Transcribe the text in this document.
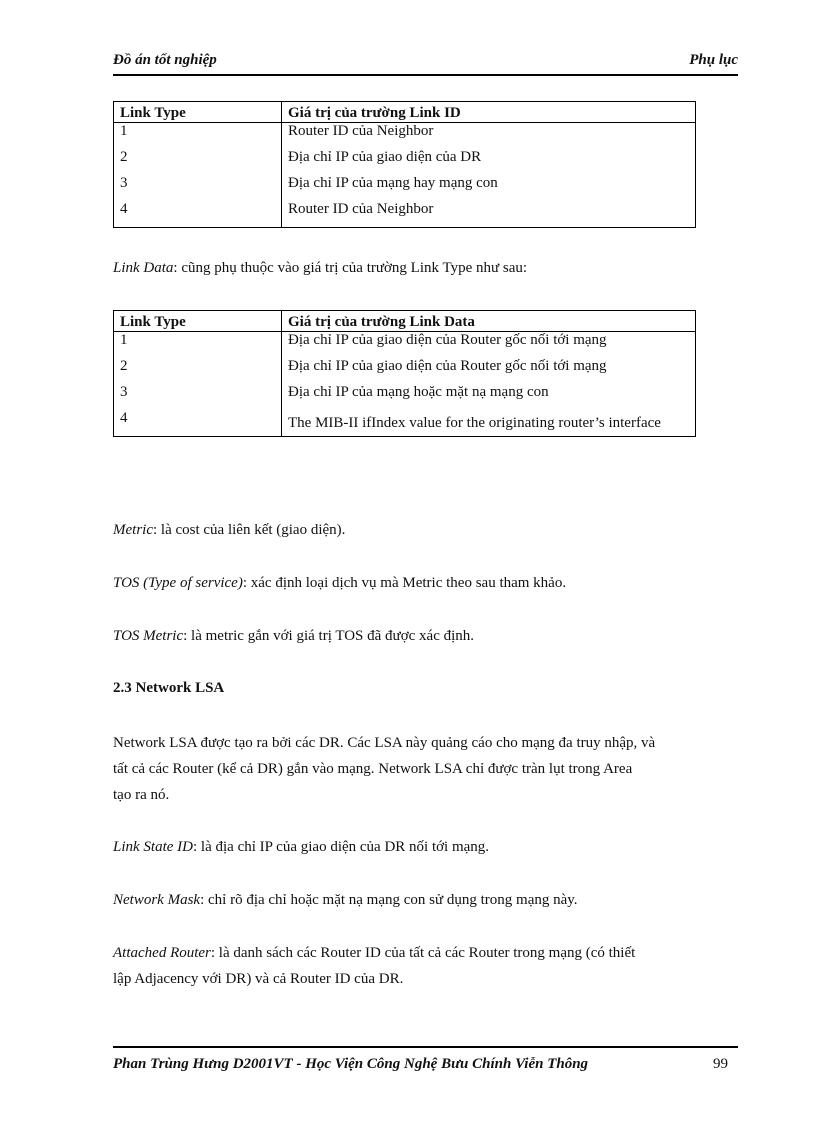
Đồ án tốt nghiệp	Phụ lục
Link Type	Giá trị của trường Link ID
1	Router ID của Neighbor
2	Địa chỉ IP của giao diện của DR
3	Địa chỉ IP của mạng hay mạng con
4	Router ID của Neighbor
Link Data: cũng phụ thuộc vào giá trị của trường Link Type như sau:
Link Type	Giá trị của trường Link Data
1	Địa chỉ IP của giao diện của Router gốc nối tới mạng
2	Địa chỉ IP của giao diện của Router gốc nối tới mạng
3	Địa chỉ IP của mạng hoặc mặt nạ mạng con
4	The MIB-II ifIndex value for the originating router’s interface
Metric: là cost của liên kết (giao diện).
TOS (Type of service): xác định loại dịch vụ mà Metric theo sau tham khảo.
TOS Metric: là metric gắn với giá trị TOS đã được xác định.
2.3 Network LSA
Network LSA được tạo ra bởi các DR. Các LSA này quảng cáo cho mạng đa truy nhập, và
tất cả các Router (kể cả DR) gắn vào mạng. Network LSA chỉ được tràn lụt trong Area
tạo ra nó.
Link State ID: là địa chỉ IP của giao diện của DR nối tới mạng.
Network Mask: chỉ rõ địa chỉ hoặc mặt nạ mạng con sử dụng trong mạng này.
Attached Router: là danh sách các Router ID của tất cả các Router trong mạng (có thiết
lập Adjacency với DR) và cả Router ID của DR.
Phan Trùng Hưng D2001VT - Học Viện Công Nghệ Bưu Chính Viễn Thông	99
